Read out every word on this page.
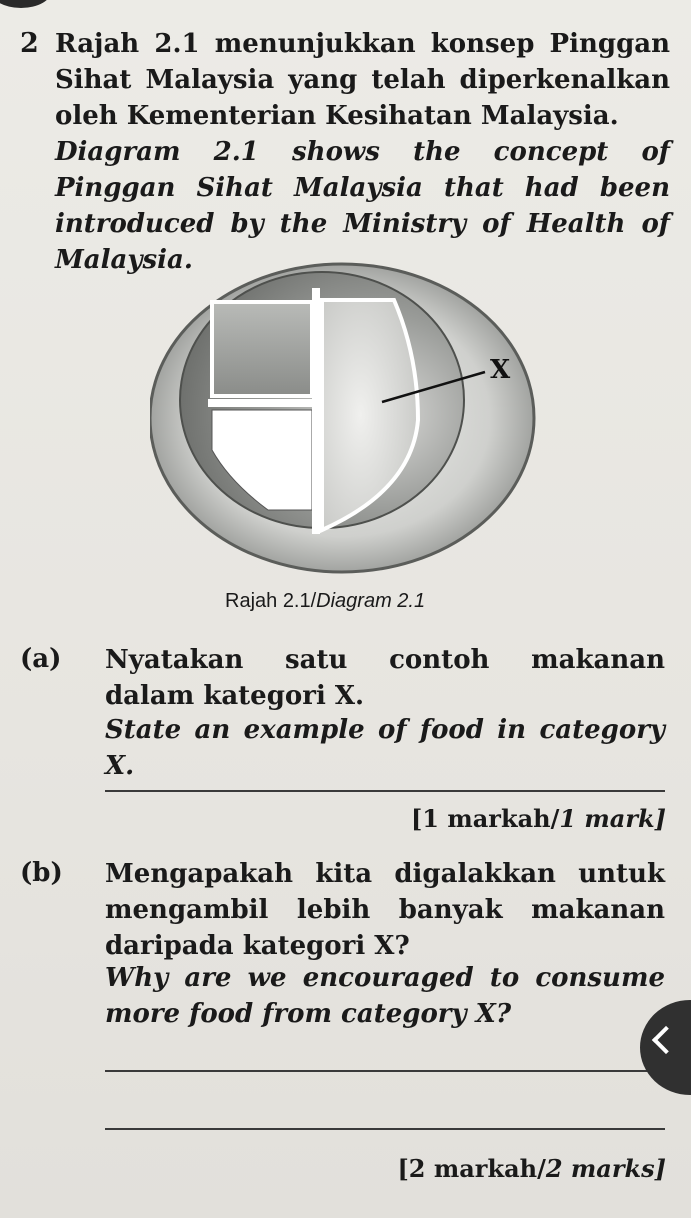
2 Rajah 2.1 menunjukkan konsep Pinggan Sihat Malaysia yang telah diperkenalkan oleh Kementerian Kesihatan Malaysia.
Diagram 2.1 shows the concept of Pinggan Sihat Malaysia that had been introduced by the Ministry of Health of Malaysia.
X
Rajah 2.1/Diagram 2.1
(a) Nyatakan satu contoh makanan dalam kategori X.
State an example of food in category X.
[1 markah/1 mark]
(b) Mengapakah kita digalakkan untuk mengambil lebih banyak makanan daripada kategori X?
Why are we encouraged to consume more food from category X?
[2 markah/2 marks]
